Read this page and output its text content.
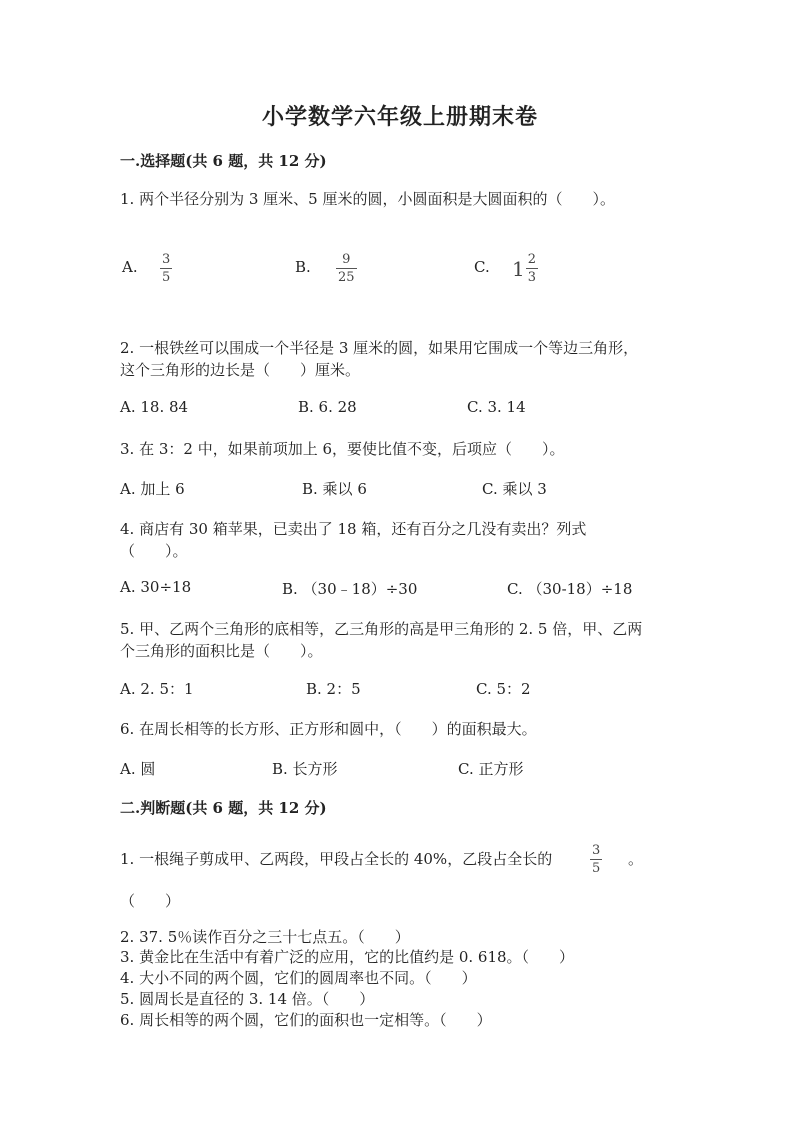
小学数学六年级上册期末卷
一.选择题(共 6 题，共 12 分)
1. 两个半径分别为 3 厘米、5 厘米的圆，小圆面积是大圆面积的（　　）。
A. $\frac{3}{5}$	B. $\frac{9}{25}$	C. $1 \frac{2}{3}$
2. 一根铁丝可以围成一个半径是 3 厘米的圆，如果用它围成一个等边三角形，
这个三角形的边长是（　　）厘米。
A. 18. 84	B. 6. 28	C. 3. 14
3. 在 3：2 中，如果前项加上 6，要使比值不变，后项应（　　）。
A. 加上 6	B. 乘以 6	C. 乘以 3
4. 商店有 30 箱苹果，已卖出了 18 箱，还有百分之几没有卖出？列式
（　　）。
A. 30÷18	B. （30﹣18）÷30	C. （30-18）÷18
5. 甲、乙两个三角形的底相等，乙三角形的高是甲三角形的 2. 5 倍，甲、乙两
个三角形的面积比是（　　）。
A. 2. 5：1	B. 2：5	C. 5：2
6. 在周长相等的长方形、正方形和圆中，（　　）的面积最大。
A. 圆	B. 长方形	C. 正方形
二.判断题(共 6 题，共 12 分)
1. 一根绳子剪成甲、乙两段，甲段占全长的 40%，乙段占全长的	$\frac{3}{5}$ 。
（　　）
2. 37. 5％读作百分之三十七点五。（　　）
3. 黄金比在生活中有着广泛的应用，它的比值约是 0. 618。（　　）
4. 大小不同的两个圆，它们的圆周率也不同。（　　）
5. 圆周长是直径的 3. 14 倍。（　　）
6. 周长相等的两个圆，它们的面积也一定相等。（　　）
